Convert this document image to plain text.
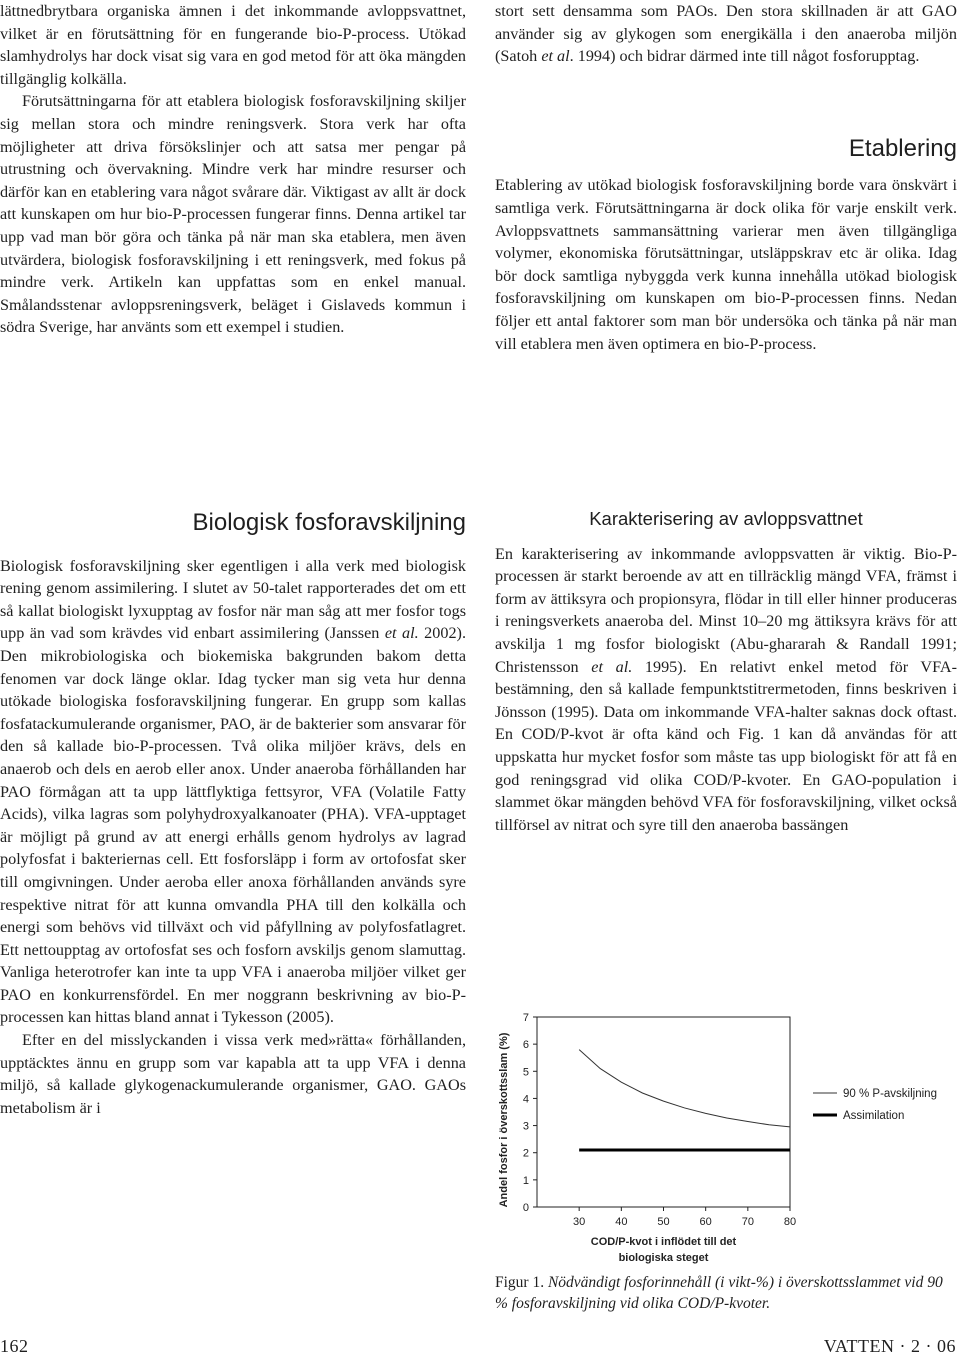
lättnedbrytbara organiska ämnen i det inkommande avloppsvattnet, vilket är en förutsättning för en fungerande bio-P-process. Utökad slamhydrolys har dock visat sig vara en god metod för att öka mängden tillgänglig kolkälla.

Förutsättningarna för att etablera biologisk fosforavskiljning skiljer sig mellan stora och mindre reningsverk. Stora verk har ofta möjligheter att driva försökslinjer och att satsa mer pengar på utrustning och övervakning. Mindre verk har mindre resurser och därför kan en etablering vara något svårare där. Viktigast av allt är dock att kunskapen om hur bio-P-processen fungerar finns. Denna artikel tar upp vad man bör göra och tänka på när man ska etablera, men även utvärdera, biologisk fosforavskiljning i ett reningsverk, med fokus på mindre verk. Artikeln kan uppfattas som en enkel manual. Smålandsstenar avloppsreningsverk, beläget i Gislaveds kommun i södra Sverige, har använts som ett exempel i studien.

stort sett densamma som PAOs. Den stora skillnaden är att GAO använder sig av glykogen som energikälla i den anaeroba miljön (Satoh et al. 1994) och bidrar därmed inte till något fosforupptag.

Etablering

Etablering av utökad biologisk fosforavskiljning borde vara önskvärt i samtliga verk. Förutsättningarna är dock olika för varje enskilt verk. Avloppsvattnets sammansättning varierar men även tillgängliga volymer, ekonomiska förutsättningar, utsläppskrav etc är olika. Idag bör dock samtliga nybyggda verk kunna innehålla utökad biologisk fosforavskiljning om kunskapen om bio-P-processen finns. Nedan följer ett antal faktorer som man bör undersöka och tänka på när man vill etablera men även optimera en bio-P-process.

Biologisk fosforavskiljning

Biologisk fosforavskiljning sker egentligen i alla verk med biologisk rening genom assimilering. I slutet av 50-talet rapporterades det om ett så kallat biologiskt lyxupptag av fosfor när man såg att mer fosfor togs upp än vad som krävdes vid enbart assimilering (Janssen et al. 2002). Den mikrobiologiska och biokemiska bakgrunden bakom detta fenomen var dock länge oklar. Idag tycker man sig veta hur denna utökade biologiska fosforavskiljning fungerar. En grupp som kallas fosfatackumulerande organismer, PAO, är de bakterier som ansvarar för den så kallade bio-P-processen. Två olika miljöer krävs, dels en anaerob och dels en aerob eller anox. Under anaeroba förhållanden har PAO förmågan att ta upp lättflyktiga fettsyror, VFA (Volatile Fatty Acids), vilka lagras som polyhydroxyalkanoater (PHA). VFA-upptaget är möjligt på grund av att energi erhålls genom hydrolys av lagrad polyfosfat i bakteriernas cell. Ett fosforsläpp i form av ortofosfat sker till omgivningen. Under aeroba eller anoxa förhållanden används syre respektive nitrat för att kunna omvandla PHA till den kolkälla och energi som behövs vid tillväxt och vid påfyllning av polyfosfatlagret. Ett nettoupptag av ortofosfat ses och fosforn avskiljs genom slamuttag. Vanliga heterotrofer kan inte ta upp VFA i anaeroba miljöer vilket ger PAO en konkurrensfördel. En mer noggrann beskrivning av bio-P-processen kan hittas bland annat i Tykesson (2005).

Efter en del misslyckanden i vissa verk med»rätta« förhållanden, upptäcktes ännu en grupp som var kapabla att ta upp VFA i denna miljö, så kallade glykogenackumulerande organismer, GAO. GAOs metabolism är i

Karakterisering av avloppsvattnet

En karakterisering av inkommande avloppsvatten är viktig. Bio-P-processen är starkt beroende av att en tillräcklig mängd VFA, främst i form av ättiksyra och propionsyra, flödar in till eller hinner produceras i reningsverkets anaeroba del. Minst 10–20 mg ättiksyra krävs för att avskilja 1 mg fosfor biologiskt (Abu-ghararah & Randall 1991; Christensson et al. 1995). En relativt enkel metod för VFA-bestämning, den så kallade fempunktstitrermetoden, finns beskriven i Jönsson (1995). Data om inkommande VFA-halter saknas dock oftast. En COD/P-kvot är ofta känd och Fig. 1 kan då användas för att uppskatta hur mycket fosfor som måste tas upp biologiskt för att få en god reningsgrad vid olika COD/P-kvoter. En GAO-population i slammet ökar mängden behövd VFA för fosforavskiljning, vilket också tillförsel av nitrat och syre till den anaeroba bassängen

0
1
2
3
4
5
6
7
30	40	50	60	70	80
90 % P-avskiljning
Assimilation
COD/P-kvot i inflödet till det
biologiska steget
Andel fosfor i överskottsslam (%)
Figur 1. Nödvändigt fosforinnehåll (i vikt-%) i överskottsslammet vid 90 % fosforavskiljning vid olika COD/P-kvoter.
162	VATTEN · 2 · 06
